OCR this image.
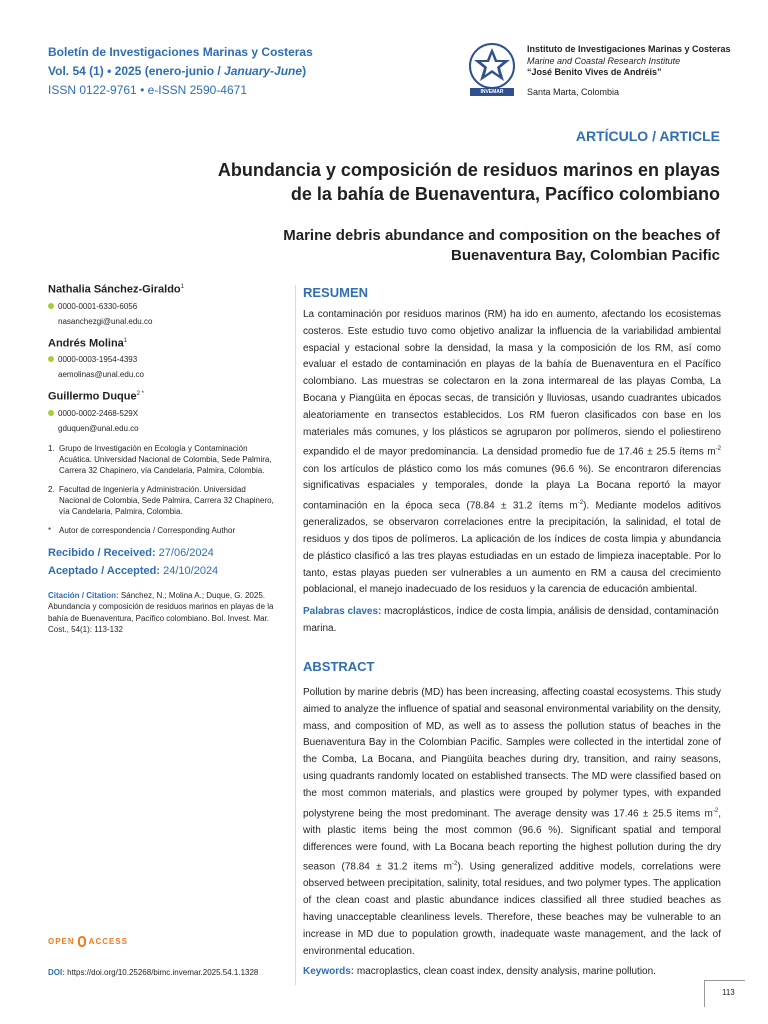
Boletín de Investigaciones Marinas y Costeras
Vol. 54 (1) • 2025 (enero-junio / January-June)
ISSN 0122-9761 • e-ISSN 2590-4671	INVEMAR
Instituto de Investigaciones Marinas y Costeras
Marine and Coastal Research Institute
“José Benito Vives de Andréis”
Santa Marta, Colombia
ARTÍCULO / ARTICLE
Abundancia y composición de residuos marinos en playas de la bahía de Buenaventura, Pacífico colombiano
Marine debris abundance and composition on the beaches of Buenaventura Bay, Colombian Pacific
Nathalia Sánchez-Giraldo$^1$
0000-0001-6330-6056
nasanchezgi@unal.edu.co
Andrés Molina$^1$
0000-0003-1954-4393
aemolinas@unal.edu.co
Guillermo Duque$^{2 *}$
0000-0002-2468-529X
gduquen@unal.edu.co
1. Grupo de Investigación en Ecología y Contaminación Acuática. Universidad Nacional de Colombia, Sede Palmira, Carrera 32 Chapinero, vía Candelaria, Palmira, Colombia.
2. Facultad de Ingeniería y Administración. Universidad Nacional de Colombia, Sede Palmira, Carrera 32 Chapinero, vía Candelaria, Palmira, Colombia.
* Autor de correspondencia / Corresponding Author
Recibido / Received: 27/06/2024
Aceptado / Accepted: 24/10/2024
Citación / Citation: Sánchez, N.; Molina A.; Duque, G. 2025. Abundancia y composición de residuos marinos en playas de la bahía de Buenaventura, Pacífico colombiano. Bol. Invest. Mar. Cost., 54(1): 113-132
OPEN ACCESS
DOI: https://doi.org/10.25268/bimc.invemar.2025.54.1.1328
RESUMEN
La contaminación por residuos marinos (RM) ha ido en aumento, afectando los ecosistemas costeros. Este estudio tuvo como objetivo analizar la influencia de la variabilidad ambiental espacial y estacional sobre la densidad, la masa y la composición de los RM, así como evaluar el estado de contaminación en playas de la bahía de Buenaventura en el Pacífico colombiano. Las muestras se colectaron en la zona intermareal de las playas Comba, La Bocana y Piangüita en épocas secas, de transición y lluviosas, usando cuadrantes ubicados aleatoriamente en transectos establecidos. Los RM fueron clasificados con base en los materiales más comunes, y los plásticos se agruparon por polímeros, siendo el poliestireno expandido el de mayor predominancia. La densidad promedio fue de 17.46 ± 25.5 ítems $m^{-2}$ con los artículos de plástico como los más comunes (96.6 %). Se encontraron diferencias significativas espaciales y temporales, donde la playa La Bocana reportó la mayor contaminación en la época seca (78.84 ± 31.2 ítems $m^{-2}$). Mediante modelos aditivos generalizados, se observaron correlaciones entre la precipitación, la salinidad, el total de residuos y dos tipos de polímeros. La aplicación de los índices de costa limpia y abundancia de plástico clasificó a las tres playas estudiadas en un estado de limpieza inaceptable. Por lo tanto, estas playas pueden ser vulnerables a un aumento en RM a causa del crecimiento poblacional, el manejo inadecuado de los residuos y la carencia de educación ambiental.
Palabras claves: macroplásticos, índice de costa limpia, análisis de densidad, contaminación marina.
ABSTRACT
Pollution by marine debris (MD) has been increasing, affecting coastal ecosystems. This study aimed to analyze the influence of spatial and seasonal environmental variability on the density, mass, and composition of MD, as well as to assess the pollution status of beaches in the Buenaventura Bay in the Colombian Pacific. Samples were collected in the intertidal zone of the Comba, La Bocana, and Piangüita beaches during dry, transition, and rainy seasons, using quadrants randomly located on established transects. The MD were classified based on the most common materials, and plastics were grouped by polymer types, with expanded polystyrene being the most predominant. The average density was 17.46 ± 25.5 items $m^{-2}$, with plastic items being the most common (96.6 %). Significant spatial and temporal differences were found, with La Bocana beach reporting the highest pollution during the dry season (78.84 ± 31.2 items $m^{-2}$). Using generalized additive models, correlations were observed between precipitation, salinity, total residues, and two polymer types. The application of the clean coast and plastic abundance indices classified all three studied beaches as having unacceptable cleanliness levels. Therefore, these beaches may be vulnerable to an increase in MD due to population growth, inadequate waste management, and the lack of environmental education.
Keywords: macroplastics, clean coast index, density analysis, marine pollution.
113
